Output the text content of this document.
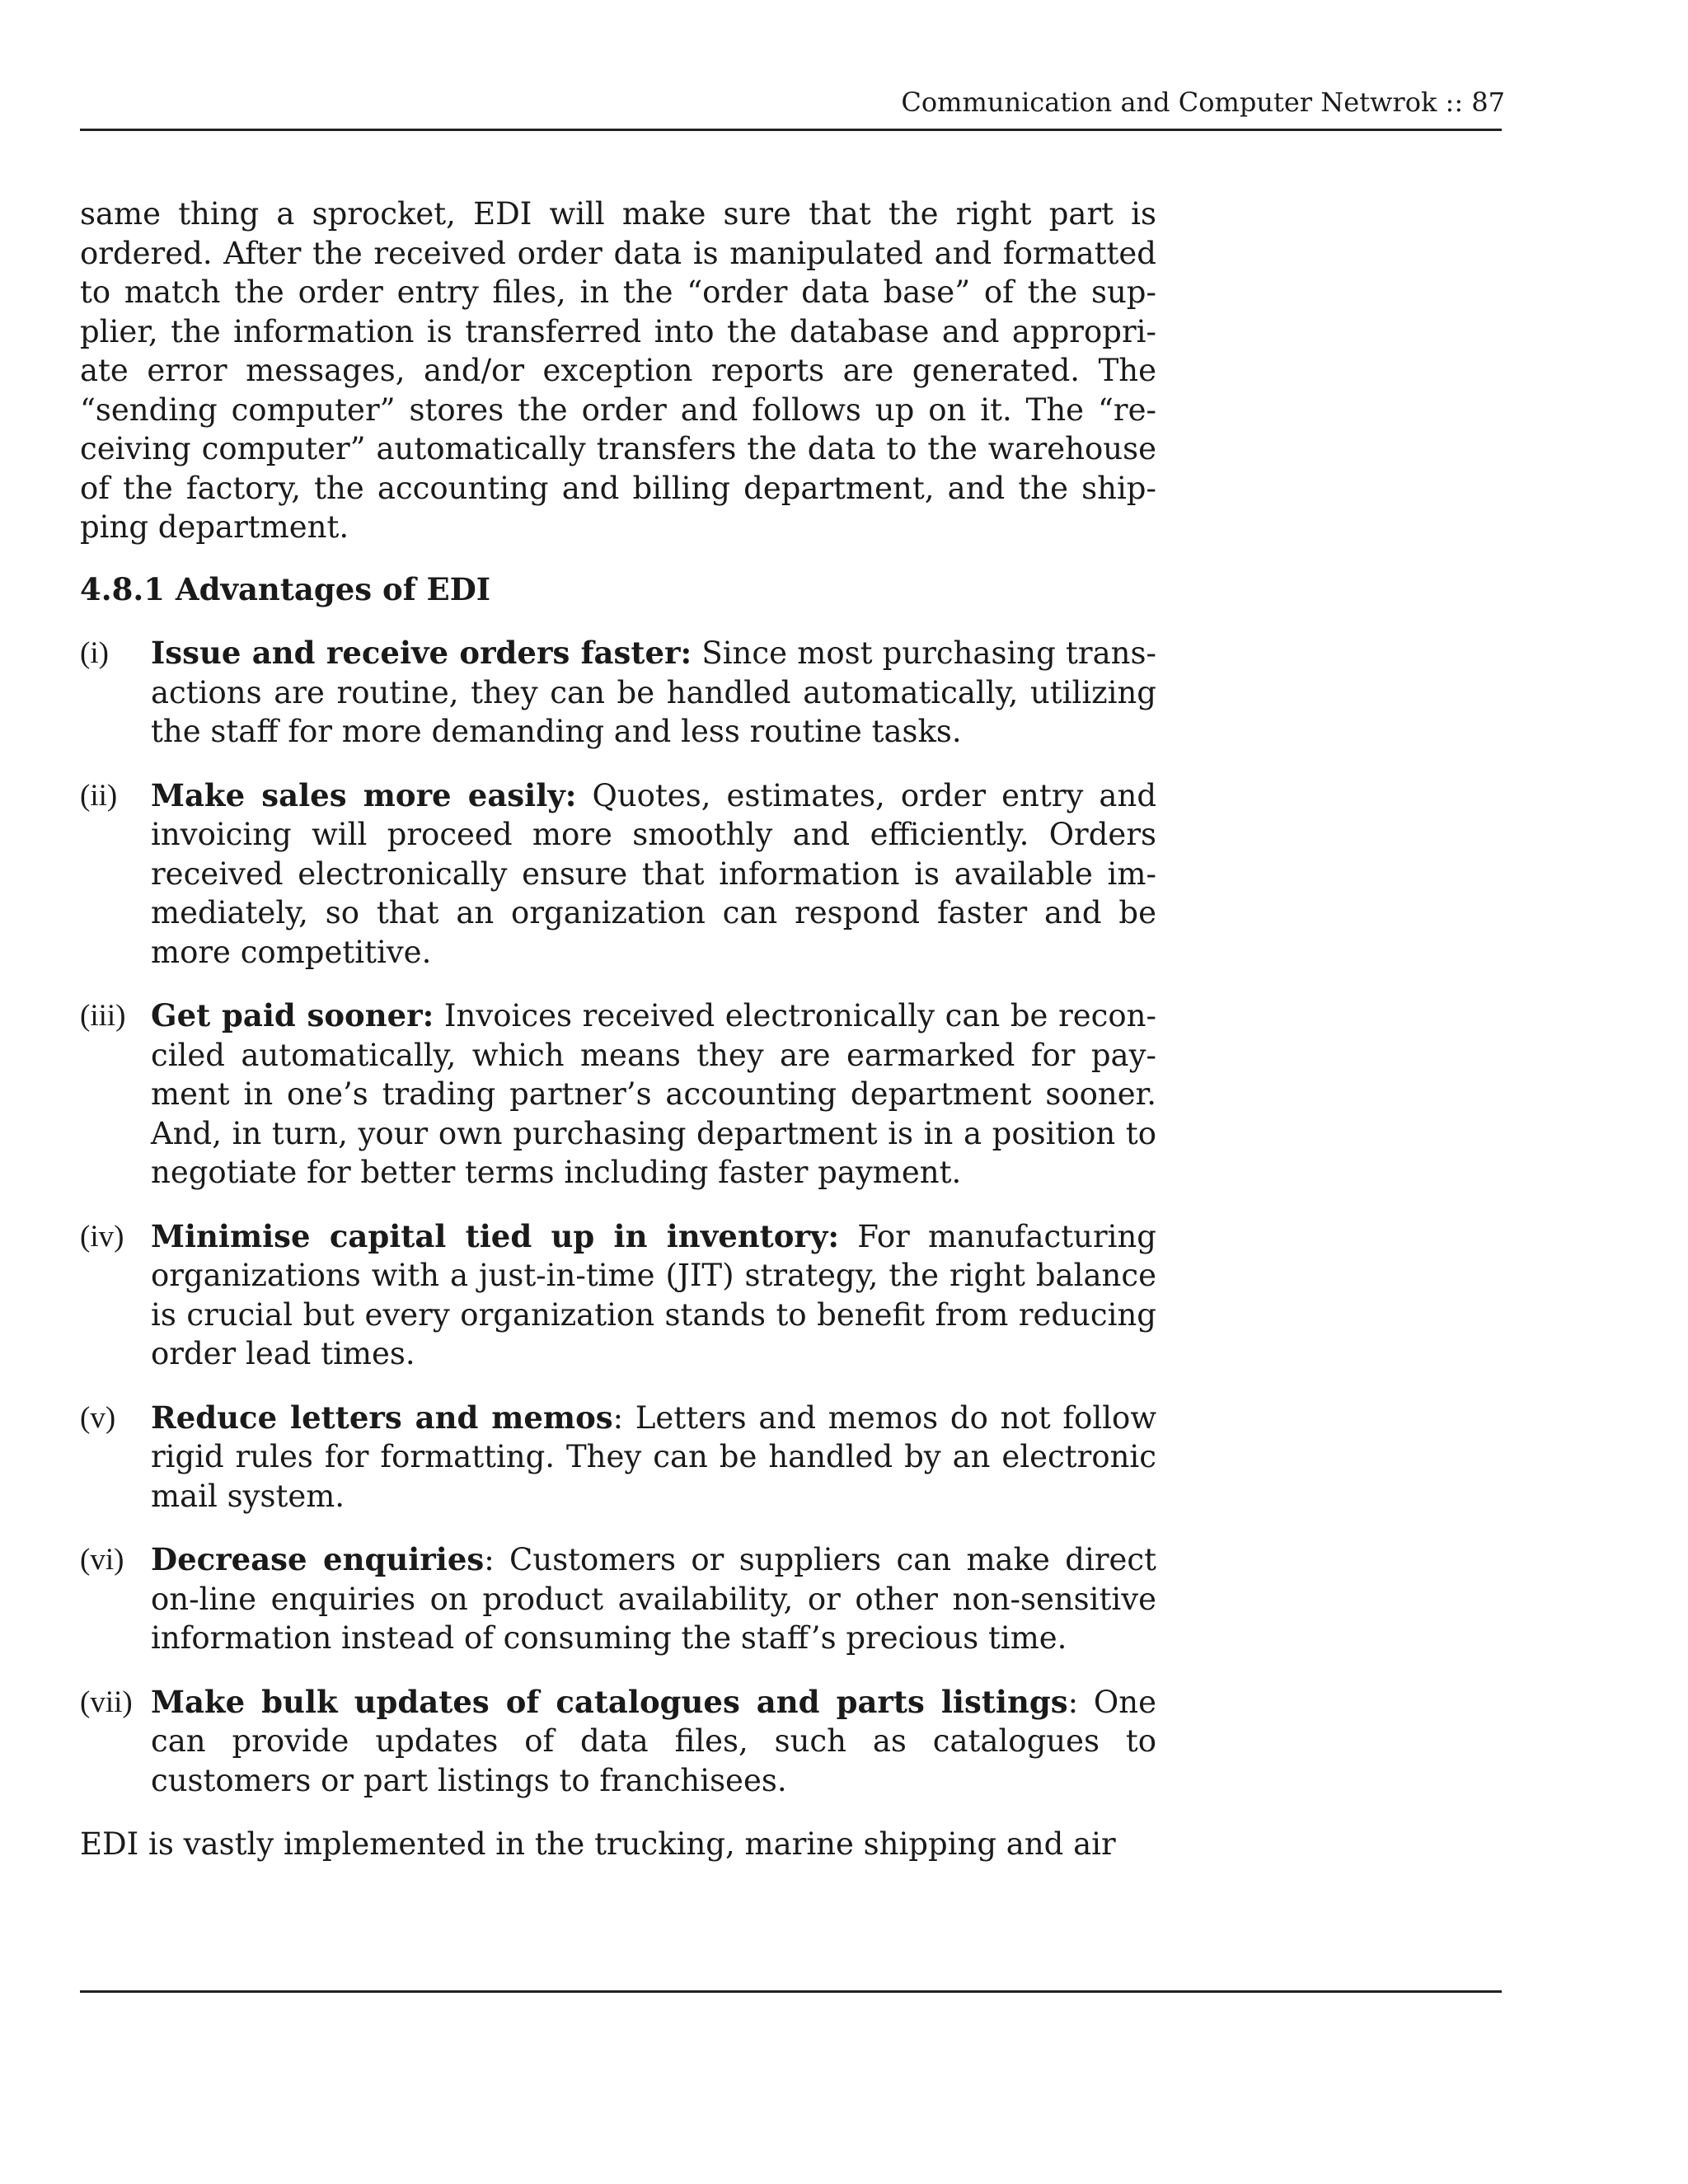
Communication and Computer Netwrok :: 87

same thing a sprocket, EDI will make sure that the right part is ordered. After the received order data is manipulated and formatted to match the order entry files, in the “order data base” of the supplier, the information is transferred into the database and appropriate error messages, and/or exception reports are generated. The “sending computer” stores the order and follows up on it. The “receiving computer” automatically transfers the data to the warehouse of the factory, the accounting and billing department, and the shipping department.

4.8.1 Advantages of EDI
(i)	Issue and receive orders faster: Since most purchasing transactions are routine, they can be handled automatically, utilizing the staff for more demanding and less routine tasks.
(ii)	Make sales more easily: Quotes, estimates, order entry and invoicing will proceed more smoothly and efficiently. Orders received electronically ensure that information is available immediately, so that an organization can respond faster and be more competitive.
(iii) Get paid sooner: Invoices received electronically can be reconciled automatically, which means they are earmarked for payment in one’s trading partner’s accounting department sooner. And, in turn, your own purchasing department is in a position to negotiate for better terms including faster payment.
(iv) Minimise capital tied up in inventory: For manufacturing organizations with a just-in-time (JIT) strategy, the right balance is crucial but every organization stands to benefit from reducing order lead times.
(v)	Reduce letters and memos: Letters and memos do not follow rigid rules for formatting. They can be handled by an electronic mail system.
(vi) Decrease enquiries: Customers or suppliers can make direct on-line enquiries on product availability, or other non-sensitive information instead of consuming the staff’s precious time.
(vii) Make bulk updates of catalogues and parts listings: One can provide updates of data files, such as catalogues to customers or part listings to franchisees.

EDI is vastly implemented in the trucking, marine shipping and air
